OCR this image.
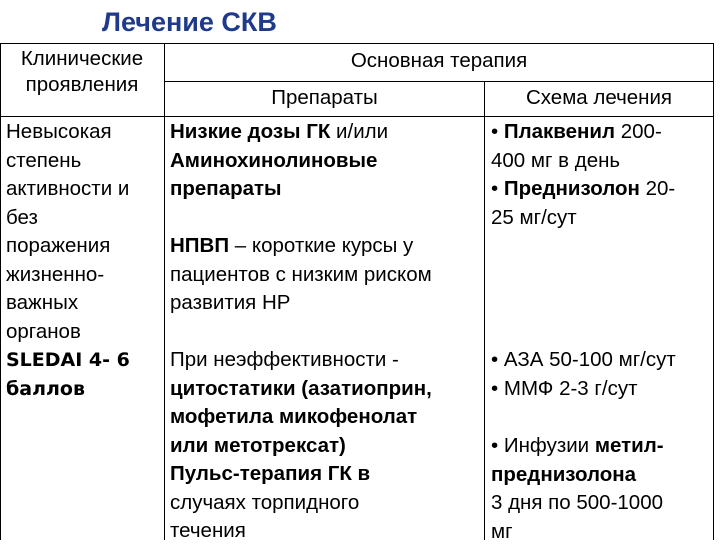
Лечение СКВ

Клинические

проявления

Основная терапия
Препараты	Схема лечения

Невысокая

степень

активности и

без

поражения

жизненно-

важных

органов

SLEDAI 4- 6

баллов

Низкие дозы ГК и/или

Аминохинолиновые

препараты

НПВП – короткие курсы у

пациентов с низким риском

развития НР

При неэффективности -

цитостатики (азатиоприн,

мофетила микофенолат

или метотрексат)

Пульс-терапия ГК в

случаях торпидного

течения

• Плаквенил 200-

400 мг в день

• Преднизолон 20-

25 мг/сут

• АЗА 50-100 мг/сут

• ММФ 2-3 г/сут

• Инфузии метил-

преднизолона

3 дня по 500-1000

мг
